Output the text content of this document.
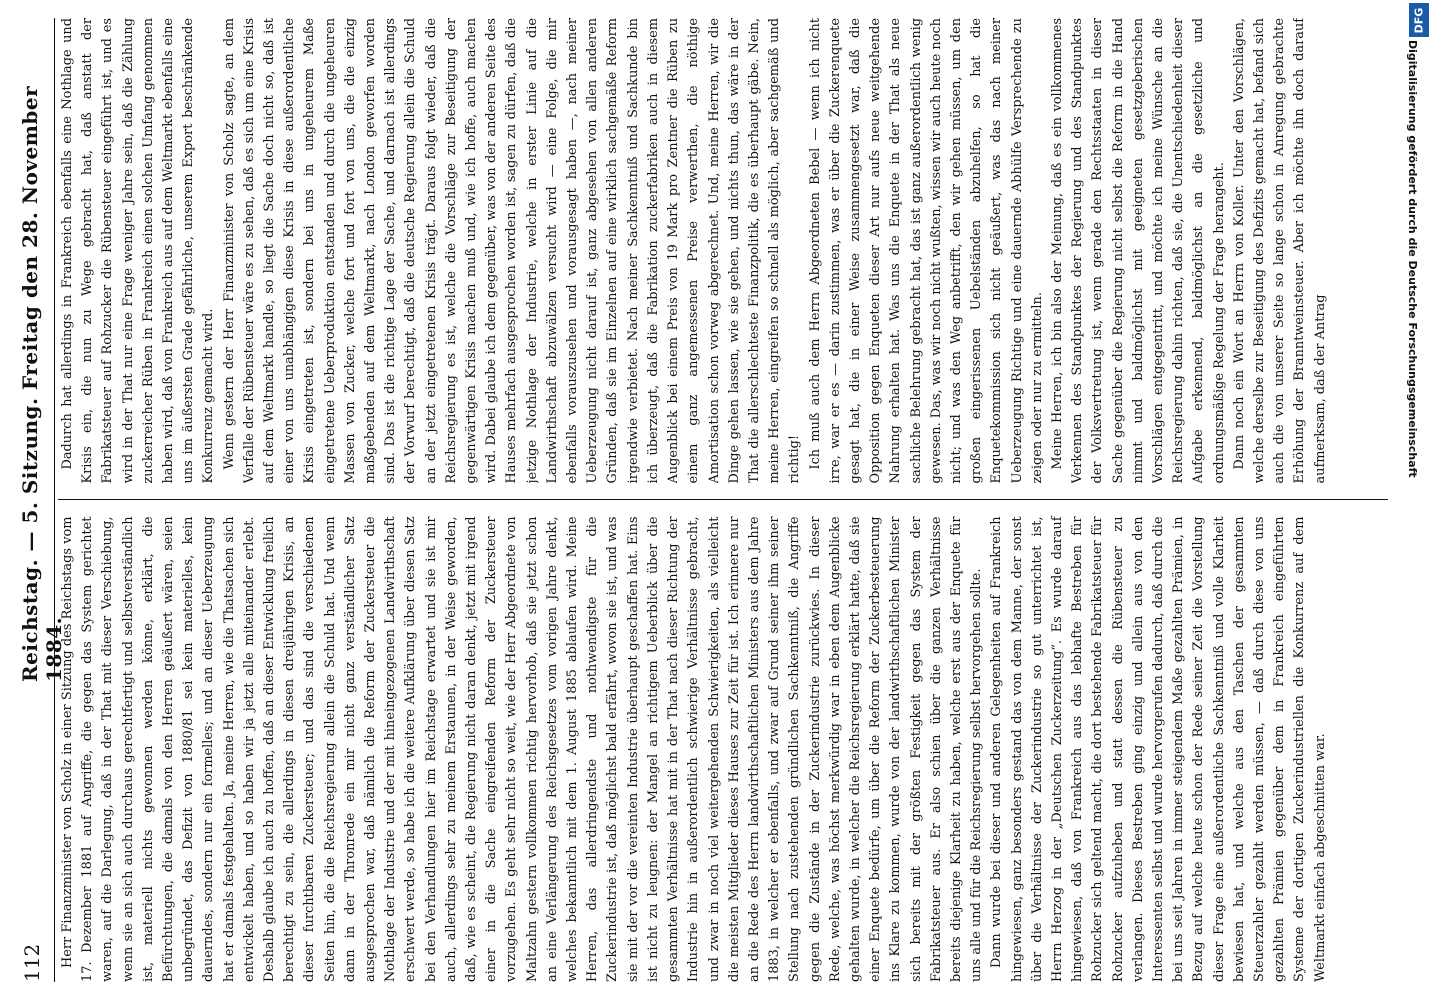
112
Reichstag. — 5. Sitzung. Freitag den 28. November 1884.

Herr Finanzminister von Scholz in einer Sitzung des Reichstags vom 17. Dezember 1881 auf Angriffe, die gegen das System gerichtet waren, auf die Darlegung, daß in der That mit dieser Verschiebung, wenn sie an sich auch durchaus gerechtfertigt und selbstverständlich ist, materiell nichts gewonnen werden könne, erklärt, die Befürchtungen, die damals von den Herren geäußert wären, seien unbegründet, das Defizit von 1880/81 sei kein materielles, kein dauerndes, sondern nur ein formelles; und an dieser Ueberzeugung hat er damals festgehalten. Ja, meine Herren, wie die Thatsachen sich entwickelt haben, und so haben wir ja jetzt alle miteinander erlebt. Deshalb glaube ich auch zu hoffen, daß an dieser Entwicklung freilich berechtigt zu sein, die allerdings in diesen dreijährigen Krisis, an dieser furchtbaren Zuckersteuer; und das sind die verschiedenen Seiten hin, die die Reichsregierung allein die Schuld hat. Und wenn dann in der Thronrede ein mir nicht ganz verständlicher Satz ausgesprochen war, daß nämlich die Reform der Zuckersteuer die Nothlage der Industrie und der mit hineingezogenen Landwirthschaft erschwert werde, so habe ich die weitere Aufklärung über diesen Satz bei den Verhandlungen hier im Reichstage erwartet und sie ist mir auch, allerdings sehr zu meinem Erstaunen, in der Weise geworden, daß, wie es scheint, die Regierung nicht daran denkt, jetzt mit irgend einer in die Sache eingreifenden Reform der Zuckersteuer vorzugehen. Es geht sehr nicht so weit, wie der Herr Abgeordnete von Maltzahn gestern vollkommen richtig hervorhob, daß sie jetzt schon an eine Verlängerung des Reichsgesetzes vom vorigen Jahre denkt, welches bekanntlich mit dem 1. August 1885 ablaufen wird. Meine Herren, das allerdringendste und nothwendigste für die Zuckerindustrie ist, daß möglichst bald erfährt, wovon sie ist, und was sie mit der vor die vereinten Industrie überhaupt geschaffen hat. Eins ist nicht zu leugnen: der Mangel an richtigem Ueberblick über die gesammten Verhältnisse hat mit in der That nach dieser Richtung der Industrie hin in außerordentlich schwierige Verhältnisse gebracht, und zwar in noch viel weitergehenden Schwierigkeiten, als vielleicht die meisten Mitglieder dieses Hauses zur Zeit für ist. Ich erinnere nur an die Rede des Herrn landwirthschaftlichen Ministers aus dem Jahre 1883, in welcher er ebenfalls, und zwar auf Grund seiner ihm seiner Stellung nach zustehenden gründlichen Sachkenntniß, die Angriffe gegen die Zustände in der Zuckerindustrie zurückwies. In dieser Rede, welche, was höchst merkwürdig war in eben dem Augenblicke gehalten wurde, in welcher die Reichsregierung erklärt hatte, daß sie einer Enquete bedürfe, um über die Reform der Zuckerbesteuerung ins Klare zu kommen, wurde von der landwirthschaftlichen Minister sich bereits mit der größten Festigkeit gegen das System der Fabrikatsteuer aus. Er also schien über die ganzen Verhältnisse bereits diejenige Klarheit zu haben, welche erst aus der Enquete für uns alle und für die Reichsregierung selbst hervorgehen sollte. Dann wurde bei dieser und anderen Gelegenheiten auf Frankreich hingewiesen, ganz besonders gestand das von dem Manne, der sonst über die Verhältnisse der Zuckerindustrie so gut unterrichtet ist, Herrn Herzog in der „Deutschen Zuckerzeitung“. Es wurde darauf hingewiesen, daß von Frankreich aus das lebhafte Bestreben für Rohzucker sich geltend macht, die dort bestehende Fabrikatsteuer für Rohzucker aufzuheben und statt dessen die Rübensteuer zu verlangen. Dieses Bestreben ging einzig und allein aus von den Interessenten selbst und wurde hervorgerufen dadurch, daß durch die bei uns seit Jahren in immer steigendem Maße gezahlten Prämien, in Bezug auf welche heute schon der Rede seiner Zeit die Vorstellung dieser Frage eine außerordentliche Sachkenntniß und volle Klarheit bewiesen hat, und welche aus den Taschen der gesammten Steuerzahler gezahlt werden müssen, — daß durch diese von uns gezahlten Prämien gegenüber dem in Frankreich eingeführten Systeme der dortigen Zuckerindustriellen die Konkurrenz auf dem Weltmarkt einfach abgeschnitten war.

Dadurch hat allerdings in Frankreich ebenfalls eine Nothlage und Krisis ein, die nun zu Wege gebracht hat, daß anstatt der Fabrikatsteuer auf Rohzucker die Rübensteuer eingeführt ist, und es wird in der That nur eine Frage weniger Jahre sein, daß die Zählung zuckerreicher Rüben in Frankreich einen solchen Umfang genommen haben wird, daß von Frankreich aus auf dem Weltmarkt ebenfalls eine uns im äußersten Grade gefährliche, unserem Export beschränkende Konkurrenz gemacht wird. Wenn gestern der Herr Finanzminister von Scholz sagte, an dem Verfalle der Rübensteuer wäre es zu sehen, daß es sich um eine Krisis auf dem Weltmarkt handle, so liegt die Sache doch nicht so, daß ist einer von uns unabhängigen diese Krisis in diese außerordentliche Krisis eingetreten ist, sondern bei uns in ungeheurem Maße eingetretene Ueberproduktion entstanden und durch die ungeheuren Massen von Zucker, welche fort und fort von uns, die die einzig maßgebenden auf dem Weltmarkt, nach London geworfen worden sind. Das ist die richtige Lage der Sache, und darnach ist allerdings der Vorwurf berechtigt, daß die deutsche Regierung allein die Schuld an der jetzt eingetretenen Krisis trägt. Daraus folgt wieder, daß die Reichsregierung es ist, welche die Vorschläge zur Beseitigung der gegenwärtigen Krisis machen muß und, wie ich hoffe, auch machen wird. Dabei glaube ich dem gegenüber, was von der anderen Seite des Hauses mehrfach ausgesprochen worden ist, sagen zu dürfen, daß die jetzige Nothlage der Industrie, welche in erster Linie auf die Landwirthschaft abzuwälzen versucht wird — eine Folge, die mir ebenfalls vorauszusehen und vorausgesagt haben —, nach meiner Ueberzeugung nicht darauf ist, ganz abgesehen von allen anderen Gründen, daß sie im Einzelnen auf eine wirklich sachgemäße Reform irgendwie verbietet. Nach meiner Sachkenntniß und Sachkunde bin ich überzeugt, daß die Fabrikation zuckerfabriken auch in diesem Augenblick bei einem Preis von 19 Mark pro Zentner die Rüben zu einem ganz angemessenen Preise verwerthen, die nöthige Amortisation schon vorweg abgerechnet. Und, meine Herren, wir die Dinge gehen lassen, wie sie gehen, und nichts thun, das wäre in der That die allerschlechteste Finanzpolitik, die es überhaupt gäbe. Nein, meine Herren, eingreifen so schnell als möglich, aber sachgemäß und richtig! Ich muß auch dem Herrn Abgeordneten Bebel — wenn ich nicht irre, war er es — darin zustimmen, was er über die Zuckerenquete gesagt hat, die in einer Weise zusammengesetzt war, daß die Opposition gegen Enqueten dieser Art nur aufs neue weitgehende Nahrung erhalten hat. Was uns die Enquete in der That als neue sachliche Belehrung gebracht hat, das ist ganz außerordentlich wenig gewesen. Das, was wir noch nicht wußten, wissen wir auch heute noch nicht; und was den Weg anbetrifft, den wir gehen müssen, um den großen eingerissenen Uebelständen abzuhelfen, so hat die Enquetekommission sich nicht geäußert, was das nach meiner Ueberzeugung Richtige und eine dauernde Abhülfe Versprechende zu zeigen oder nur zu ermitteln. Meine Herren, ich bin also der Meinung, daß es ein vollkommenes Verkennen des Standpunktes der Regierung und des Standpunktes der Volksvertretung ist, wenn gerade den Rechtsstaaten in dieser Sache gegenüber die Regierung nicht selbst die Reform in die Hand nimmt und baldmöglichst mit geeigneten gesetzgeberischen Vorschlägen entgegentritt, und möchte ich meine Wünsche an die Reichsregierung dahin richten, daß sie, die Unentschiedenheit dieser Aufgabe erkennend, baldmöglichst an die gesetzliche und ordnungsmäßige Regelung der Frage herangeht. Dann noch ein Wort an Herrn von Koller. Unter den Vorschlägen, welche derselbe zur Beseitigung des Defizits gemacht hat, befand sich auch die von unserer Seite so lange schon in Anregung gebrachte Erhöhung der Branntweinsteuer. Aber ich möchte ihn doch darauf aufmerksam, daß der Antrag

DFG
Digitalisierung gefördert durch die Deutsche Forschungsgemeinschaft
